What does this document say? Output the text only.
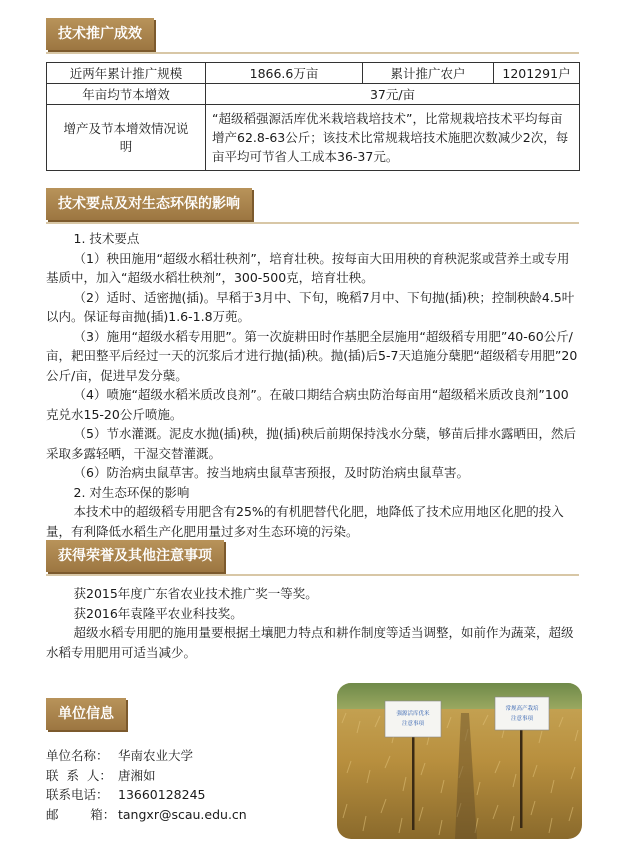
技术推广成效
近两年累计推广规模	1866.6万亩	累计推广农户	1201291户
年亩均节本增效	37元/亩		
增产及节本增效情况说明	“超级稻强源活库优米栽培栽培技术”，比常规栽培技术平均每亩增产62.8-63公斤；该技术比常规栽培技术施肥次数减少2次，每亩平均可节省人工成本36-37元。		
技术要点及对生态环保的影响

1. 技术要点

（1）秧田施用“超级水稻壮秧剂”，培育壮秧。按每亩大田用秧的育秧泥浆或营养土或专用基质中，加入“超级水稻壮秧剂”，300-500克，培育壮秧。

（2）适时、适密抛(插)。早稻于3月中、下旬，晚稻7月中、下旬抛(插)秧；控制秧龄4.5叶以内。保证每亩抛(插)1.6-1.8万蔸。

（3）施用“超级水稻专用肥”。第一次旋耕田时作基肥全层施用“超级稻专用肥”40-60公斤/亩，耙田整平后经过一天的沉浆后才进行抛(插)秧。抛(插)后5-7天追施分蘖肥“超级稻专用肥”20公斤/亩，促进早发分蘖。

（4）喷施“超级水稻米质改良剂”。在破口期结合病虫防治每亩用“超级稻米质改良剂”100克兑水15-20公斤喷施。

（5）节水灌溉。泥皮水抛(插)秧，抛(插)秧后前期保持浅水分蘖，够苗后排水露晒田，然后采取多露轻晒，干湿交替灌溉。

（6）防治病虫鼠草害。按当地病虫鼠草害预报，及时防治病虫鼠草害。

2. 对生态环保的影响

本技术中的超级稻专用肥含有25%的有机肥替代化肥，地降低了技术应用地区化肥的投入量，有利降低水稻生产化肥用量过多对生态环境的污染。

获得荣誉及其他注意事项

获2015年度广东省农业技术推广奖一等奖。

获2016年袁隆平农业科技奖。

超级水稻专用肥的施用量要根据土壤肥力特点和耕作制度等适当调整，如前作为蔬菜，超级水稻专用肥用可适当减少。

单位信息
单位名称： 华南农业大学
联  系  人： 唐湘如
联系电话： 13660128245
邮        箱： tangxr@scau.edu.cn
强源活库优米
注意事项
常规高产栽培
注意事项
